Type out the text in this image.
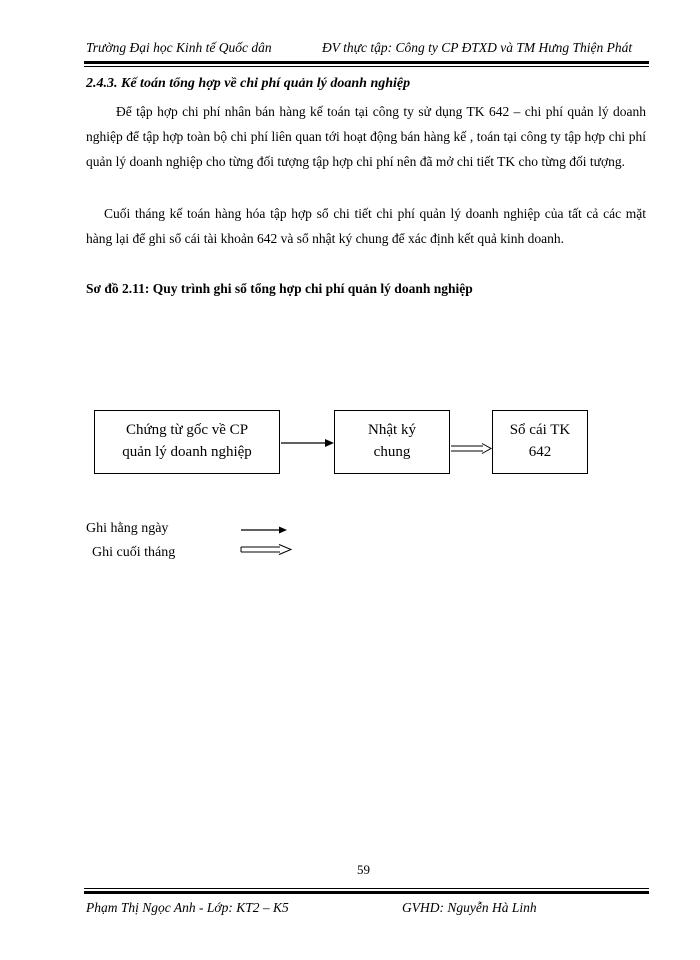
Trường Đại học Kinh tế Quốc dân	ĐV thực tập: Công ty CP ĐTXD và TM Hưng Thiện Phát
2.4.3. Kế toán tổng hợp về chi phí quản lý doanh nghiệp
Để tập hợp chi phí nhân bán hàng kế toán tại công ty sử dụng TK 642 – chi phí quản lý doanh nghiệp để tập hợp toàn bộ chi phí liên quan tới hoạt động bán hàng kế , toán tại công ty tập hợp chi phí quản lý doanh nghiệp cho từng đối tượng tập hợp chi phí nên đã mở chi tiết TK cho từng đối tượng.
Cuối tháng kế toán hàng hóa tập hợp sổ chi tiết chi phí quản lý doanh nghiệp của tất cả các mặt hàng lại để ghi sổ cái tài khoản 642 và sổ nhật ký chung để xác định kết quả kinh doanh.
Sơ đồ 2.11: Quy trình ghi sổ tổng hợp chi phí quản lý doanh nghiệp
Chứng từ gốc về CP
quản lý doanh nghiệp
Nhật ký
chung
Sổ cái TK
642
Ghi hằng ngày
Ghi cuối tháng
59
Phạm Thị Ngọc Anh - Lớp: KT2 – K5	GVHD: Nguyễn Hà Linh
